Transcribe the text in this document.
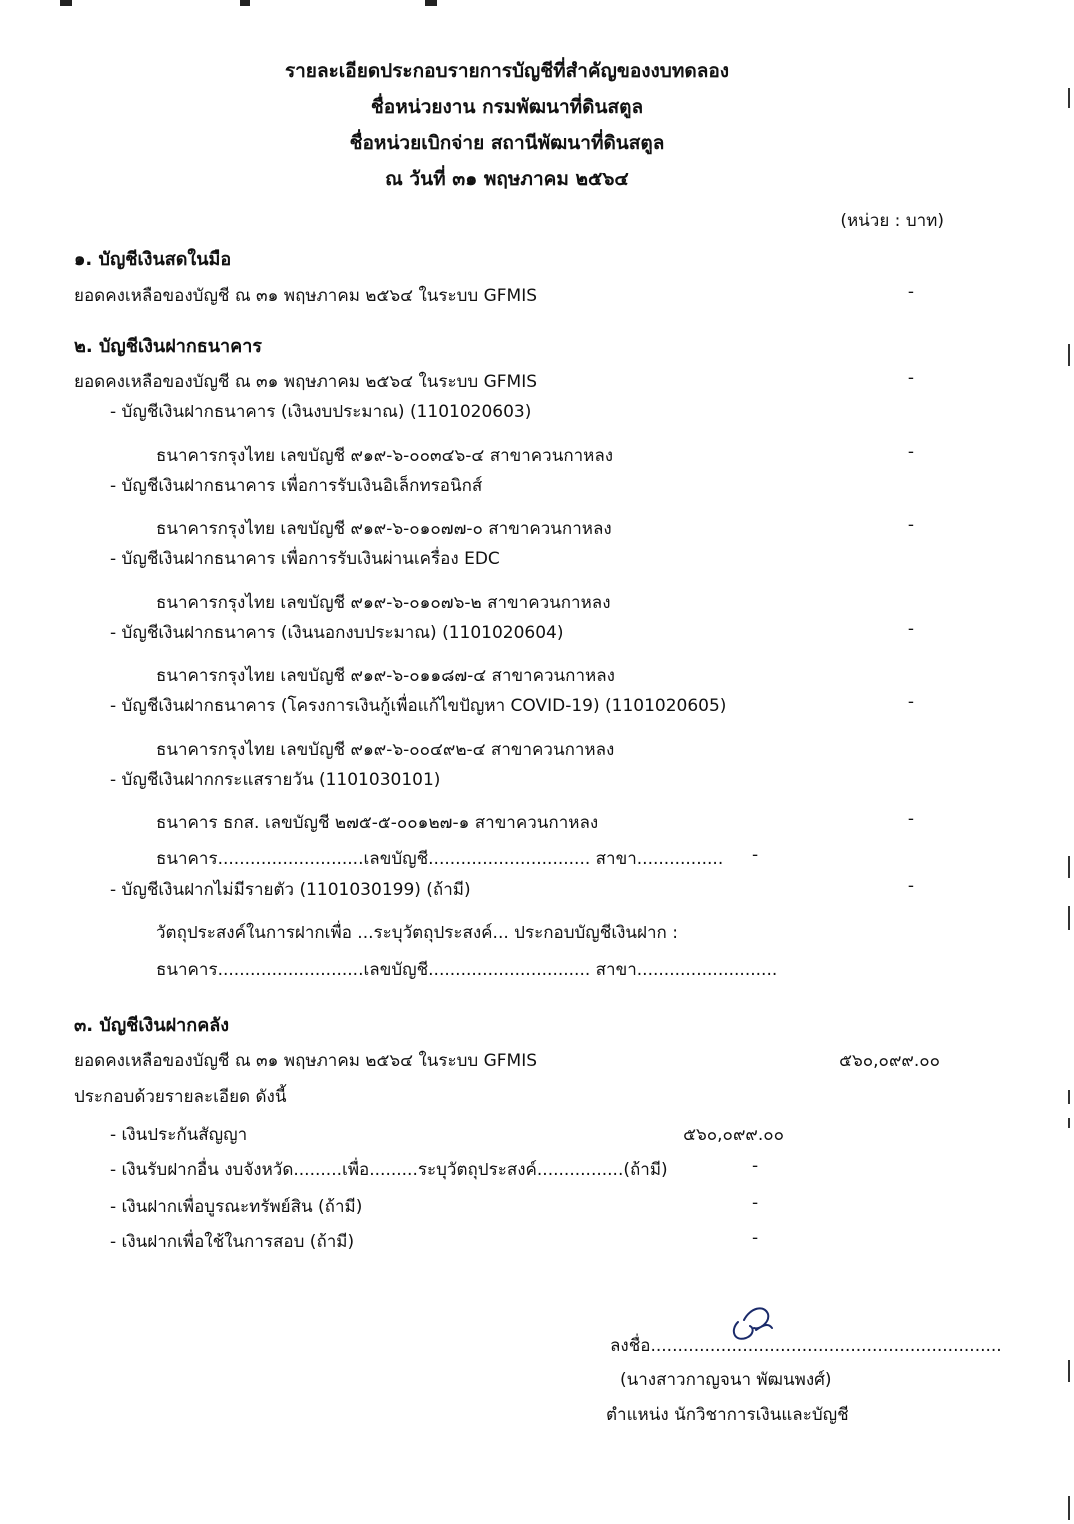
รายละเอียดประกอบรายการบัญชีที่สำคัญของงบทดลอง
ชื่อหน่วยงาน กรมพัฒนาที่ดินสตูล
ชื่อหน่วยเบิกจ่าย สถานีพัฒนาที่ดินสตูล
ณ วันที่ ๓๑ พฤษภาคม ๒๕๖๔
(หน่วย : บาท)
๑. บัญชีเงินสดในมือ
ยอดคงเหลือของบัญชี ณ ๓๑ พฤษภาคม ๒๕๖๔ ในระบบ GFMIS	-
๒. บัญชีเงินฝากธนาคาร
ยอดคงเหลือของบัญชี ณ ๓๑ พฤษภาคม ๒๕๖๔ ในระบบ GFMIS	-
- บัญชีเงินฝากธนาคาร (เงินงบประมาณ) (1101020603)
ธนาคารกรุงไทย เลขบัญชี ๙๑๙-๖-๐๐๓๔๖-๔ สาขาควนกาหลง	-
- บัญชีเงินฝากธนาคาร เพื่อการรับเงินอิเล็กทรอนิกส์
ธนาคารกรุงไทย เลขบัญชี ๙๑๙-๖-๐๑๐๗๗-๐ สาขาควนกาหลง	-
- บัญชีเงินฝากธนาคาร เพื่อการรับเงินผ่านเครื่อง EDC
ธนาคารกรุงไทย เลขบัญชี ๙๑๙-๖-๐๑๐๗๖-๒ สาขาควนกาหลง
- บัญชีเงินฝากธนาคาร (เงินนอกงบประมาณ) (1101020604)	-
ธนาคารกรุงไทย เลขบัญชี ๙๑๙-๖-๐๑๑๘๗-๔ สาขาควนกาหลง
- บัญชีเงินฝากธนาคาร (โครงการเงินกู้เพื่อแก้ไขปัญหา COVID-19) (1101020605)	-
ธนาคารกรุงไทย เลขบัญชี ๙๑๙-๖-๐๐๔๙๒-๔ สาขาควนกาหลง
- บัญชีเงินฝากกระแสรายวัน (1101030101)
ธนาคาร ธกส. เลขบัญชี ๒๗๕-๕-๐๐๑๒๗-๑ สาขาควนกาหลง	-
ธนาคาร...........................เลขบัญชี.............................. สาขา................ -
- บัญชีเงินฝากไม่มีรายตัว (1101030199) (ถ้ามี)	-
วัตถุประสงค์ในการฝากเพื่อ ...ระบุวัตถุประสงค์... ประกอบบัญชีเงินฝาก :
ธนาคาร...........................เลขบัญชี.............................. สาขา..........................
๓. บัญชีเงินฝากคลัง
ยอดคงเหลือของบัญชี ณ ๓๑ พฤษภาคม ๒๕๖๔ ในระบบ GFMIS	๕๖๐,๐๙๙.๐๐
ประกอบด้วยรายละเอียด ดังนี้
- เงินประกันสัญญา	๕๖๐,๐๙๙.๐๐
- เงินรับฝากอื่น งบจังหวัด.........เพื่อ.........ระบุวัตถุประสงค์................(ถ้ามี)	-
- เงินฝากเพื่อบูรณะทรัพย์สิน (ถ้ามี)	-
- เงินฝากเพื่อใช้ในการสอบ (ถ้ามี)	-
ลงชื่อ.................................................................
(นางสาวกาญจนา พัฒนพงศ์)
ตำแหน่ง นักวิชาการเงินและบัญชี
